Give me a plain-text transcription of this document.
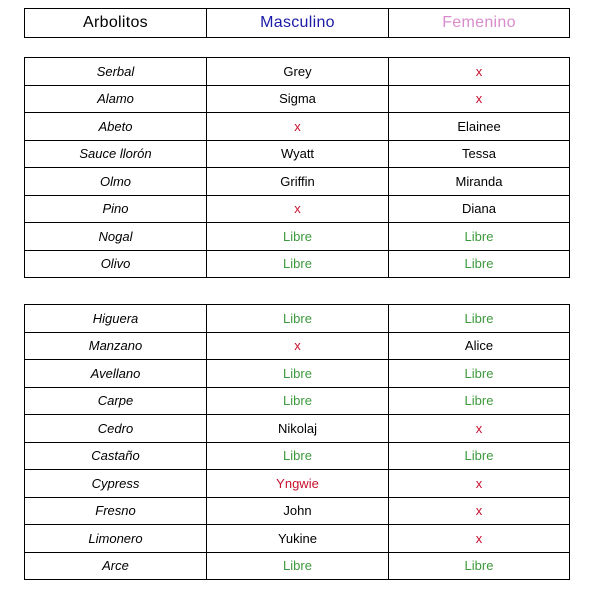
Arbolitos	Masculino	Femenino
Serbal	Grey	x
Alamo	Sigma	x
Abeto	x	Elainee
Sauce llorón	Wyatt	Tessa
Olmo	Griffin	Miranda
Pino	x	Diana
Nogal	Libre	Libre
Olivo	Libre	Libre
Higuera	Libre	Libre
Manzano	x	Alice
Avellano	Libre	Libre
Carpe	Libre	Libre
Cedro	Nikolaj	x
Castaño	Libre	Libre
Cypress	Yngwie	x
Fresno	John	x
Limonero	Yukine	x
Arce	Libre	Libre
